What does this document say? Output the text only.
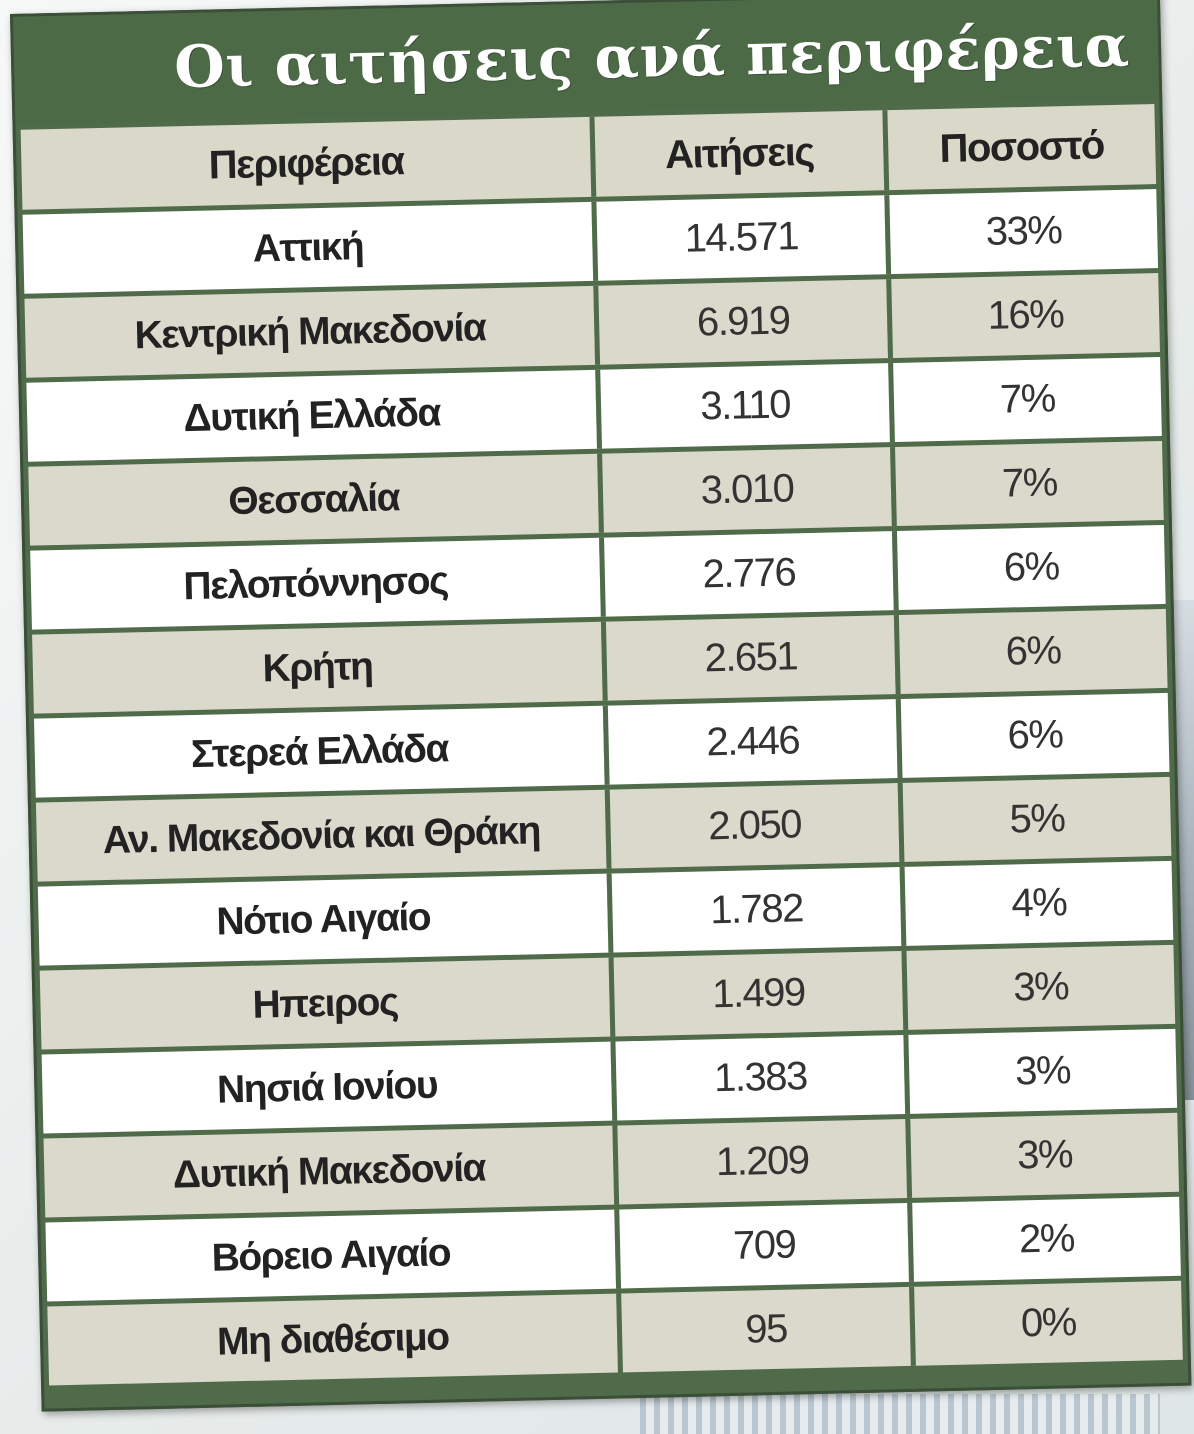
Οι αιτήσεις ανά περιφέρεια
Περιφέρεια	Αιτήσεις	Ποσοστό
Αττική	14.571	33%
Κεντρική Μακεδονία	6.919	16%
Δυτική Ελλάδα	3.110	7%
Θεσσαλία	3.010	7%
Πελοπόννησος	2.776	6%
Κρήτη	2.651	6%
Στερεά Ελλάδα	2.446	6%
Αν. Μακεδονία και Θράκη	2.050	5%
Νότιο Αιγαίο	1.782	4%
Ηπειρος	1.499	3%
Νησιά Ιονίου	1.383	3%
Δυτική Μακεδονία	1.209	3%
Βόρειο Αιγαίο	709	2%
Μη διαθέσιμο	95	0%
